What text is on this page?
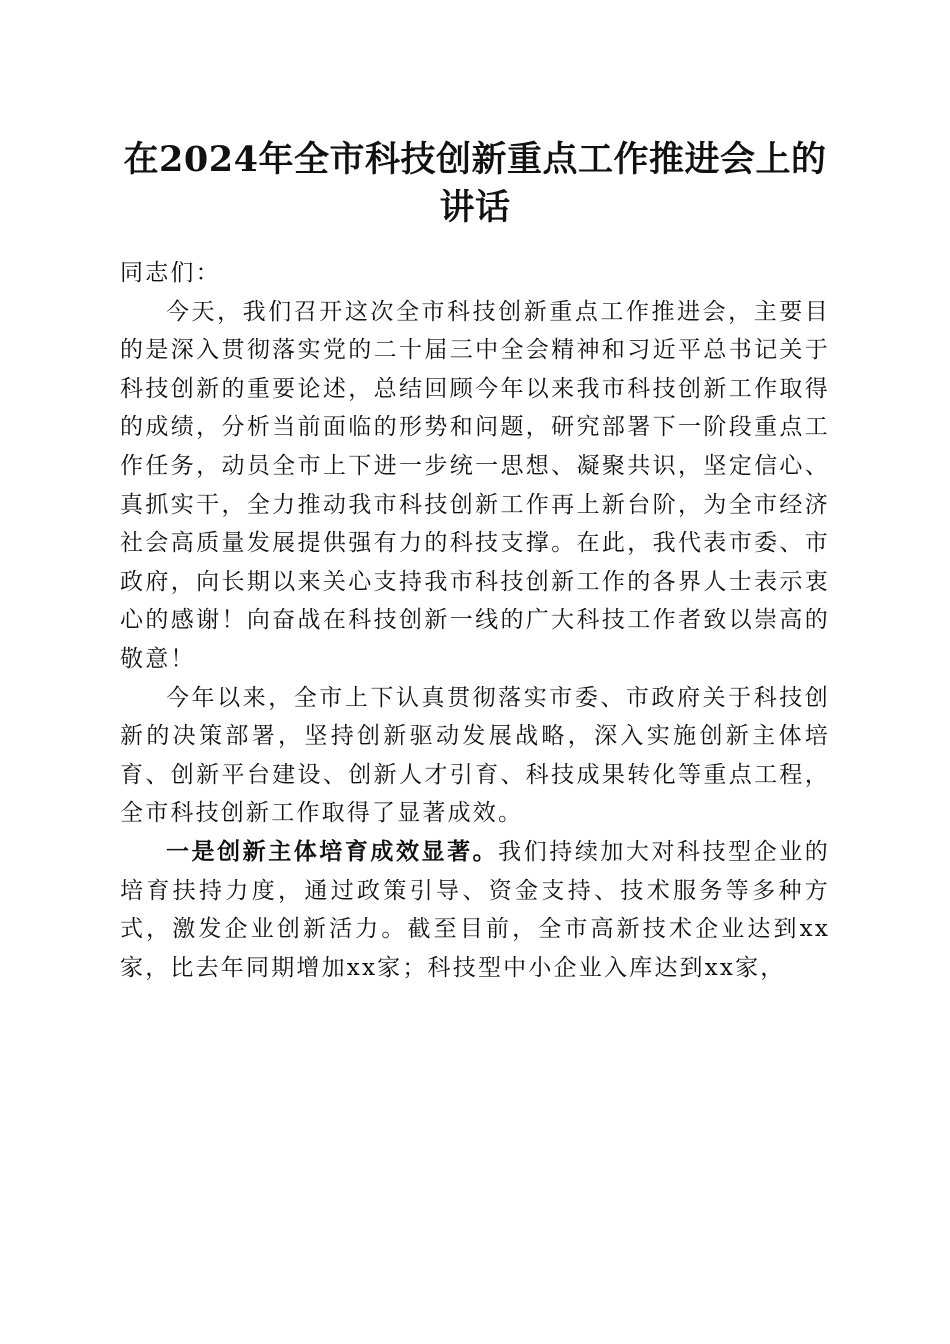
在2024年全市科技创新重点工作推进会上的
讲话

同志们：

今天，我们召开这次全市科技创新重点工作推进会，主要目的是深入贯彻落实党的二十届三中全会精神和习近平总书记关于科技创新的重要论述，总结回顾今年以来我市科技创新工作取得的成绩，分析当前面临的形势和问题，研究部署下一阶段重点工作任务，动员全市上下进一步统一思想、凝聚共识，坚定信心、真抓实干，全力推动我市科技创新工作再上新台阶，为全市经济社会高质量发展提供强有力的科技支撑。在此，我代表市委、市政府，向长期以来关心支持我市科技创新工作的各界人士表示衷心的感谢！向奋战在科技创新一线的广大科技工作者致以崇高的敬意！

今年以来，全市上下认真贯彻落实市委、市政府关于科技创新的决策部署，坚持创新驱动发展战略，深入实施创新主体培育、创新平台建设、创新人才引育、科技成果转化等重点工程，全市科技创新工作取得了显著成效。

一是创新主体培育成效显著。我们持续加大对科技型企业的培育扶持力度，通过政策引导、资金支持、技术服务等多种方式，激发企业创新活力。截至目前，全市高新技术企业达到xx家，比去年同期增加xx家；科技型中小企业入库达到xx家，
